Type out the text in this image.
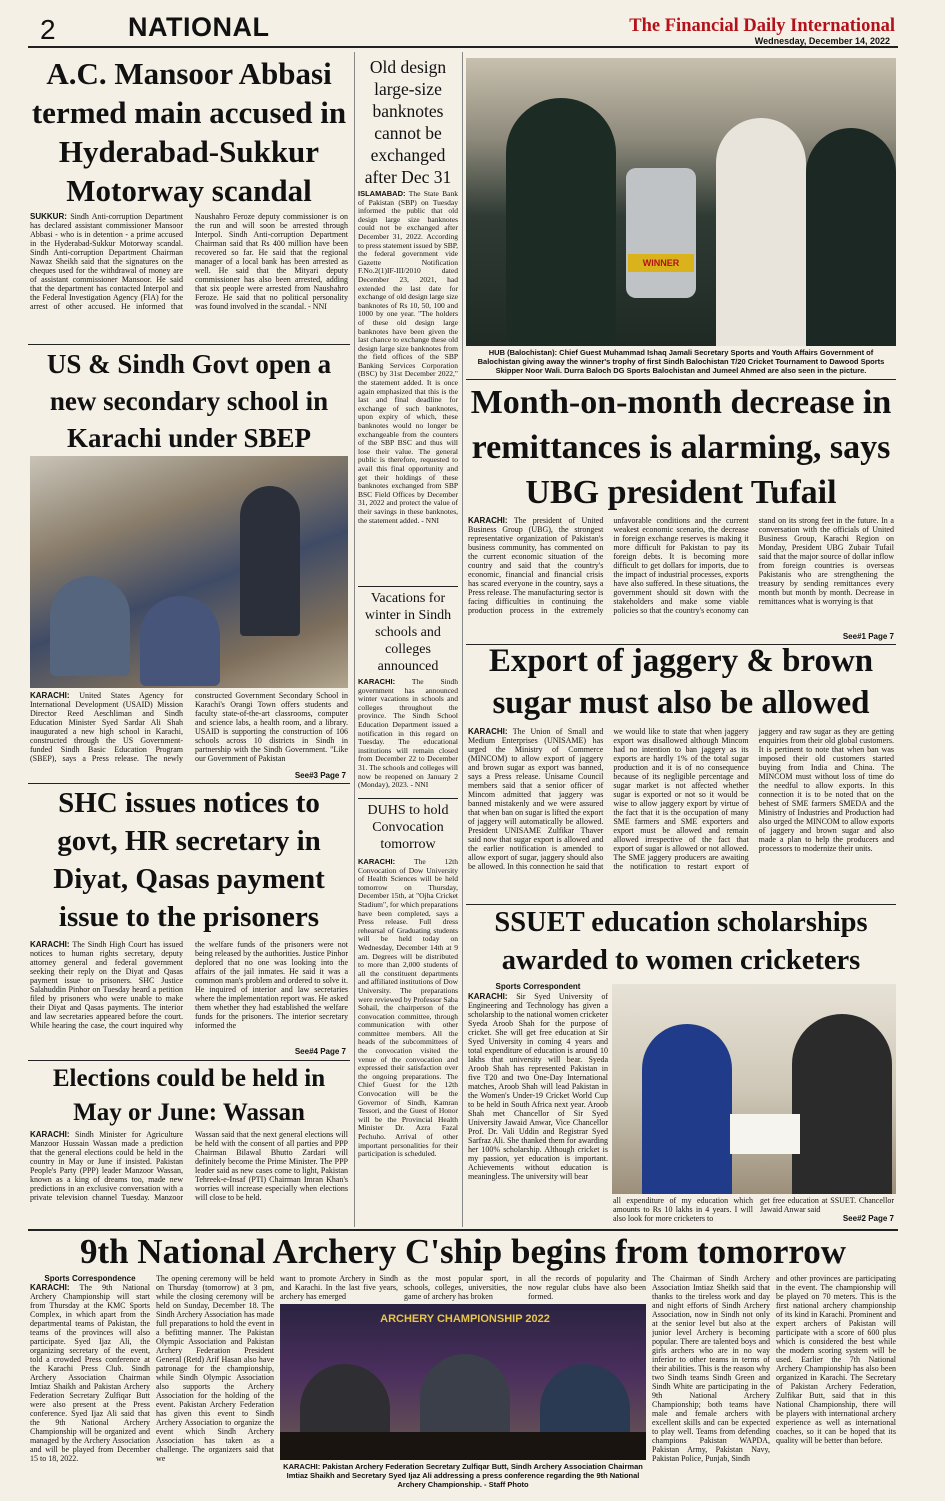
2	NATIONAL	The Financial Daily International
Wednesday, December 14, 2022
A.C. Mansoor Abbasi termed main accused in Hyderabad-Sukkur Motorway scandal
SUKKUR: Sindh Anti-corruption Department has declared assistant commissioner Mansoor Abbasi - who is in detention - a prime accused in the Hyderabad-Sukkur Motorway scandal. Sindh Anti-corruption Department Chairman Nawaz Sheikh said that the signatures on the cheques used for the withdrawal of money are of assistant commissioner Mansoor. He said that the department has contacted Interpol and the Federal Investigation Agency (FIA) for the arrest of other accused. He informed that Naushahro Feroze deputy commissioner is on the run and will soon be arrested through Interpol. Sindh Anti-corruption Department Chairman said that Rs 400 million have been recovered so far. He said that the regional manager of a local bank has been arrested as well. He said that the Mityari deputy commissioner has also been arrested, adding that six people were arrested from Naushahro Feroze. He said that no political personality was found involved in the scandal. - NNI
US & Sindh Govt open a new secondary school in Karachi under SBEP
KARACHI: United States Agency for International Development (USAID) Mission Director Reed Aeschliman and Sindh Education Minister Syed Sardar Ali Shah inaugurated a new high school in Karachi, constructed through the US Government-funded Sindh Basic Education Program (SBEP), says a Press release. The newly constructed Government Secondary School in Karachi's Orangi Town offers students and faculty state-of-the-art classrooms, computer and science labs, a health room, and a library. USAID is supporting the construction of 106 schools across 10 districts in Sindh in partnership with the Sindh Government. "Like our Government of Pakistan
See#3 Page 7
SHC issues notices to govt, HR secretary in Diyat, Qasas payment issue to the prisoners
KARACHI: The Sindh High Court has issued notices to human rights secretary, deputy attorney general and federal government seeking their reply on the Diyat and Qasas payment issue to prisoners. SHC Justice Salahuddin Pinhor on Tuesday heard a petition filed by prisoners who were unable to make their Diyat and Qasas payments. The interior and law secretaries appeared before the court. While hearing the case, the court inquired why the welfare funds of the prisoners were not being released by the authorities. Justice Pinhor deplored that no one was looking into the affairs of the jail inmates. He said it was a common man's problem and ordered to solve it. He inquired of interior and law secretaries where the implementation report was. He asked them whether they had established the welfare funds for the prisoners. The interior secretary informed the
See#4 Page 7
Elections could be held in May or June: Wassan
KARACHI: Sindh Minister for Agriculture Manzoor Hussain Wassan made a prediction that the general elections could be held in the country in May or June if insisted. Pakistan People's Party (PPP) leader Manzoor Wassan, known as a king of dreams too, made new predictions in an exclusive conversation with a private television channel Tuesday. Manzoor Wassan said that the next general elections will be held with the consent of all parties and PPP Chairman Bilawal Bhutto Zardari will definitely become the Prime Minister. The PPP leader said as new cases come to light, Pakistan Tehreek-e-Insaf (PTI) Chairman Imran Khan's worries will increase especially when elections will close to be held.
Old design large-size banknotes cannot be exchanged after Dec 31
ISLAMABAD: The State Bank of Pakistan (SBP) on Tuesday informed the public that old design large size banknotes could not be exchanged after December 31, 2022. According to press statement issued by SBP, the federal government vide Gazette Notification F.No.2(1)IF-III/2010 dated December 23, 2021, had extended the last date for exchange of old design large size banknotes of Rs 10, 50, 100 and 1000 by one year. "The holders of these old design large banknotes have been given the last chance to exchange these old design large size banknotes from the field offices of the SBP Banking Services Corporation (BSC) by 31st December 2022," the statement added. It is once again emphasized that this is the last and final deadline for exchange of such banknotes, upon expiry of which, these banknotes would no longer be exchangeable from the counters of the SBP BSC and thus will lose their value. The general public is therefore, requested to avail this final opportunity and get their holdings of these banknotes exchanged from SBP BSC Field Offices by December 31, 2022 and protect the value of their savings in these banknotes, the statement added. - NNI
Vacations for winter in Sindh schools and colleges announced
KARACHI: The Sindh government has announced winter vacations in schools and colleges throughout the province. The Sindh School Education Department issued a notification in this regard on Tuesday. The educational institutions will remain closed from December 22 to December 31. The schools and colleges will now be reopened on January 2 (Monday), 2023. - NNI
DUHS to hold Convocation tomorrow
KARACHI:	The 12th Convocation of Dow University of Health Sciences will be held tomorrow on Thursday, December 15th, at "Ojha Cricket Stadium", for which preparations have been completed, says a Press release. Full dress rehearsal of Graduating students will be held today on Wednesday, December 14th at 9 am. Degrees will be distributed to more than 2,000 students of all the constituent departments and affiliated institutions of Dow University. The preparations were reviewed by Professor Saba Sohail, the chairperson of the convocation committee, through communication with other committee members. All the heads of the subcommittees of the convocation visited the venue of the convocation and expressed their satisfaction over the ongoing preparations. The Chief Guest for the 12th Convocation will be the Governor of Sindh, Kamran Tessori, and the Guest of Honor will be the Provincial Health Minister Dr. Azra Fazal Pechuho. Arrival of other important personalities for their participation is scheduled.
WINNER
HUB (Balochistan): Chief Guest Muhammad Ishaq Jamali Secretary Sports and Youth Affairs Government of Balochistan giving away the winner's trophy of first Sindh Balochistan T/20 Cricket Tournament to Dawood Sports Skipper Noor Wali. Durra Baloch DG Sports Balochistan and Jumeel Ahmed are also seen in the picture.
Month-on-month decrease in remittances is alarming, says UBG president Tufail
KARACHI: The president of United Business Group (UBG), the strongest representative organization of Pakistan's business community, has commented on the current economic situation of the country and said that the country's economic, financial and financial crisis has scared everyone in the country, says a Press release. The manufacturing sector is facing difficulties in continuing the production process in the extremely unfavorable conditions and the current weakest economic scenario, the decrease in foreign exchange reserves is making it more difficult for Pakistan to pay its foreign debts. It is becoming more difficult to get dollars for imports, due to the impact of industrial processes, exports have also suffered. In these situations, the government should sit down with the stakeholders and make some viable policies so that the country's economy can stand on its strong feet in the future. In a conversation with the officials of United Business Group, Karachi Region on Monday, President UBG Zubair Tufail said that the major source of dollar inflow from foreign countries is overseas Pakistanis who are strengthening the treasury by sending remittances every month but month by month. Decrease in remittances what is worrying is that
See#1 Page 7
Export of jaggery & brown sugar must also be allowed
KARACHI: The Union of Small and Medium Enterprises (UNISAME) has urged the Ministry of Commerce (MINCOM) to allow export of jaggery and brown sugar as export was banned, says a Press release. Unisame Council members said that a senior officer of Mincom admitted that jaggery was banned mistakenly and we were assured that when ban on sugar is lifted the export of jaggery will automatically be allowed. President UNISAME Zulfikar Thaver said now that sugar export is allowed and the earlier notification is amended to allow export of sugar, jaggery should also be allowed. In this connection he said that we would like to state that when jaggery export was disallowed although Mincom had no intention to ban jaggery as its exports are hardly 1% of the total sugar production and it is of no consequence because of its negligible percentage and sugar market is not affected whether sugar is exported or not so it would be wise to allow jaggery export by virtue of the fact that it is the occupation of many SME farmers and SME exporters and export must be allowed and remain allowed irrespective of the fact that export of sugar is allowed or not allowed. The SME jaggery producers are awaiting the notification to restart export of jaggery and raw sugar as they are getting enquiries from their old global customers. It is pertinent to note that when ban was imposed their old customers started buying from India and China. The MINCOM must without loss of time do the needful to allow exports. In this connection it is to be noted that on the behest of SME farmers SMEDA and the Ministry of Industries and Production had also urged the MINCOM to allow exports of jaggery and brown sugar and also made a plan to help the producers and processors to modernize their units.
SSUET education scholarships awarded to women cricketers
Sports Correspondent
KARACHI: Sir Syed University of Engineering and Technology has given a scholarship to the national women cricketer Syeda Aroob Shah for the purpose of cricket. She will get free education at Sir Syed University in coming 4 years and total expenditure of education is around 10 lakhs that university will bear. Syeda Aroob Shah has represented Pakistan in five T20 and two One-Day International matches, Aroob Shah will lead Pakistan in the Women's Under-19 Cricket World Cup to be held in South Africa next year. Aroob Shah met Chancellor of Sir Syed University Jawaid Anwar, Vice Chancellor Prof. Dr. Vali Uddin and Registrar Syed Sarfraz Ali. She thanked them for awarding her 100% scholarship. Although cricket is my passion, yet education is important. Achievements without education is meaningless. The university will bear
all expenditure of my education which amounts to Rs 10 lakhs in 4 years. I will also look for more cricketers to
get free education at SSUET. Chancellor Jawaid Anwar said
See#2 Page 7
9th National Archery C'ship begins from tomorrow
Sports Correspondence
KARACHI: The 9th National Archery Championship will start from Thursday at the KMC Sports Complex, in which apart from the departmental teams of Pakistan, the teams of the provinces will also participate. Syed Ijaz Ali, the organizing secretary of the event, told a crowded Press conference at the Karachi Press Club. Sindh Archery Association Chairman Imtiaz Shaikh and Pakistan Archery Federation Secretary Zulfiqar Butt were also present at the Press conference. Syed Ijaz Ali said that the 9th National Archery Championship will be organized and managed by the Archery Association and will be played from December 15 to 18, 2022.
The opening ceremony will be held on Thursday (tomorrow) at 3 pm, while the closing ceremony will be held on Sunday, December 18. The Sindh Archery Association has made full preparations to hold the event in a befitting manner. The Pakistan Olympic Association and Pakistan Archery Federation President General (Retd) Arif Hasan also have patronage for the championship, while Sindh Olympic Association also supports the Archery Association for the holding of the event. Pakistan Archery Federation has given this event to Sindh Archery Association to organize the event which Sindh Archery Association has taken as a challenge. The organizers said that we
want to promote Archery in Sindh and Karachi. In the last five years, archery has emerged
as the most popular sport, in schools, colleges, universities, the game of archery has broken
all the records of popularity and now regular clubs have also been formed.
ARCHERY CHAMPIONSHIP 2022
KARACHI: Pakistan Archery Federation Secretary Zulfiqar Butt, Sindh Archery Association Chairman Imtiaz Shaikh and Secretary Syed Ijaz Ali addressing a press conference regarding the 9th National Archery Championship. - Staff Photo
The Chairman of Sindh Archery Association Imtiaz Sheikh said that thanks to the tireless work and day and night efforts of Sindh Archery Association, now in Sindh not only at the senior level but also at the junior level Archery is becoming popular. There are talented boys and girls archers who are in no way inferior to other teams in terms of their abilities. This is the reason why two Sindh teams Sindh Green and Sindh White are participating in the 9th National Archery Championship; both teams have male and female archers with excellent skills and can be expected to play well. Teams from defending champions Pakistan WAPDA, Pakistan Army, Pakistan Navy, Pakistan Police, Punjab, Sindh
and other provinces are participating in the event. The championship will be played on 70 meters. This is the first national archery championship of its kind in Karachi. Prominent and expert archers of Pakistan will participate with a score of 600 plus which is considered the best while the modern scoring system will be used. Earlier the 7th National Archery Championship has also been organized in Karachi. The Secretary of Pakistan Archery Federation, Zulfikar Butt, said that in this National Championship, there will be players with international archery experience as well as international coaches, so it can be hoped that its quality will be better than before.
